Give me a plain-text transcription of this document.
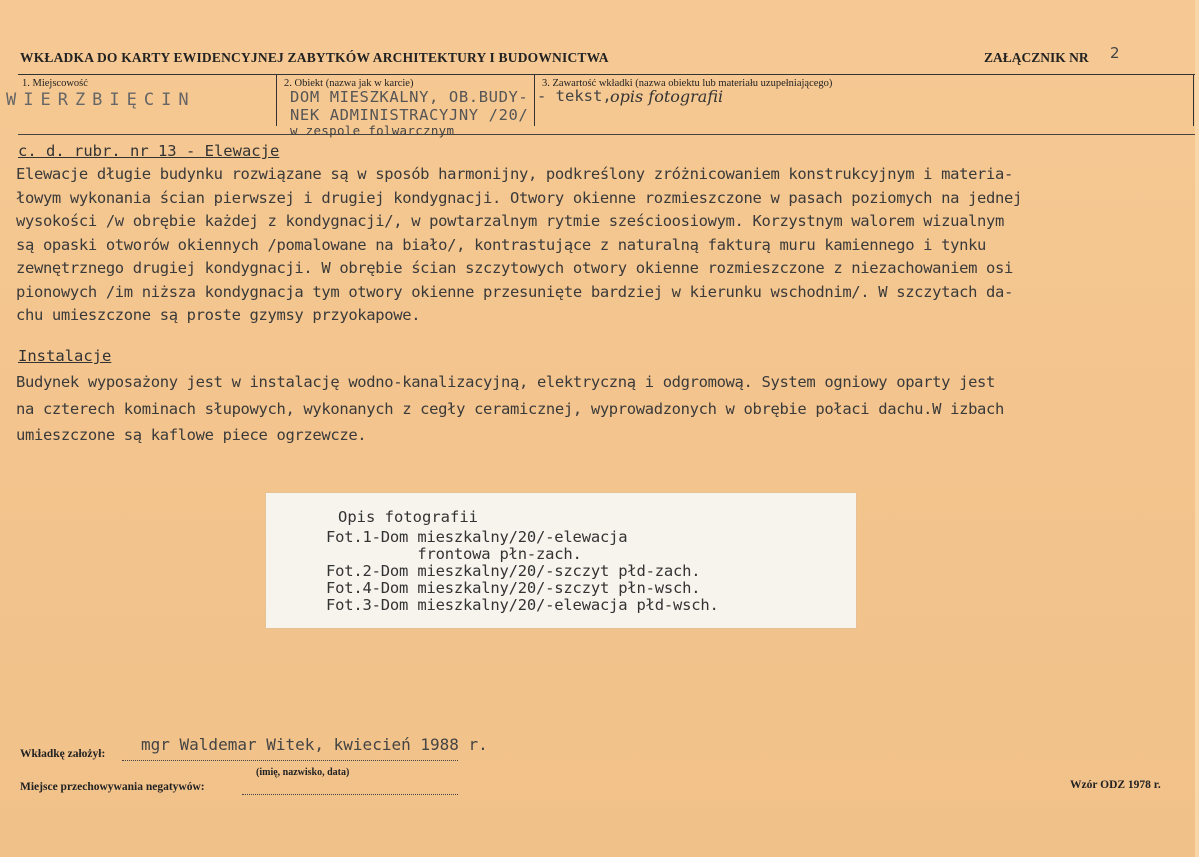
WKŁADKA DO KARTY EWIDENCYJNEJ ZABYTKÓW ARCHITEKTURY I BUDOWNICTWA	ZAŁĄCZNIK NR 2
1. Miejscowość
WIERZBIĘCIN
2. Obiekt (nazwa jak w karcie)
DOM MIESZKALNY, OB.BUDY-
NEK ADMINISTRACYJNY /20/
w zespole folwarcznym
3. Zawartość wkładki (nazwa obiektu lub materiału uzupełniającego)
- tekst,
opis fotografii
c. d. rubr. nr 13 - Elewacje

Elewacje długie budynku rozwiązane są w sposób harmonijny, podkreślony zróżnicowaniem konstrukcyjnym i materia-

łowym wykonania ścian pierwszej i drugiej kondygnacji. Otwory okienne rozmieszczone w pasach poziomych na jednej

wysokości /w obrębie każdej z kondygnacji/, w powtarzalnym rytmie sześcioosiowym. Korzystnym walorem wizualnym

są opaski otworów okiennych /pomalowane na biało/, kontrastujące z naturalną fakturą muru kamiennego i tynku

zewnętrznego drugiej kondygnacji. W obrębie ścian szczytowych otwory okienne rozmieszczone z niezachowaniem osi

pionowych /im niższa kondygnacja tym otwory okienne przesunięte bardziej w kierunku wschodnim/. W szczytach da-

chu umieszczone są proste gzymsy przyokapowe.

Instalacje

Budynek wyposażony jest w instalację wodno-kanalizacyjną, elektryczną i odgromową. System ogniowy oparty jest

na czterech kominach słupowych, wykonanych z cegły ceramicznej, wyprowadzonych w obrębie połaci dachu.W izbach

umieszczone są kaflowe piece ogrzewcze.

Opis fotografii

Fot.1-Dom mieszkalny/20/-elewacja

frontowa płn-zach.

Fot.2-Dom mieszkalny/20/-szczyt płd-zach.

Fot.4-Dom mieszkalny/20/-szczyt płn-wsch.

Fot.3-Dom mieszkalny/20/-elewacja płd-wsch.

Wkładkę założył: mgr Waldemar Witek, kwiecień 1988 r.
(imię, nazwisko, data)
Miejsce przechowywania negatywów:	Wzór ODZ 1978 r.
